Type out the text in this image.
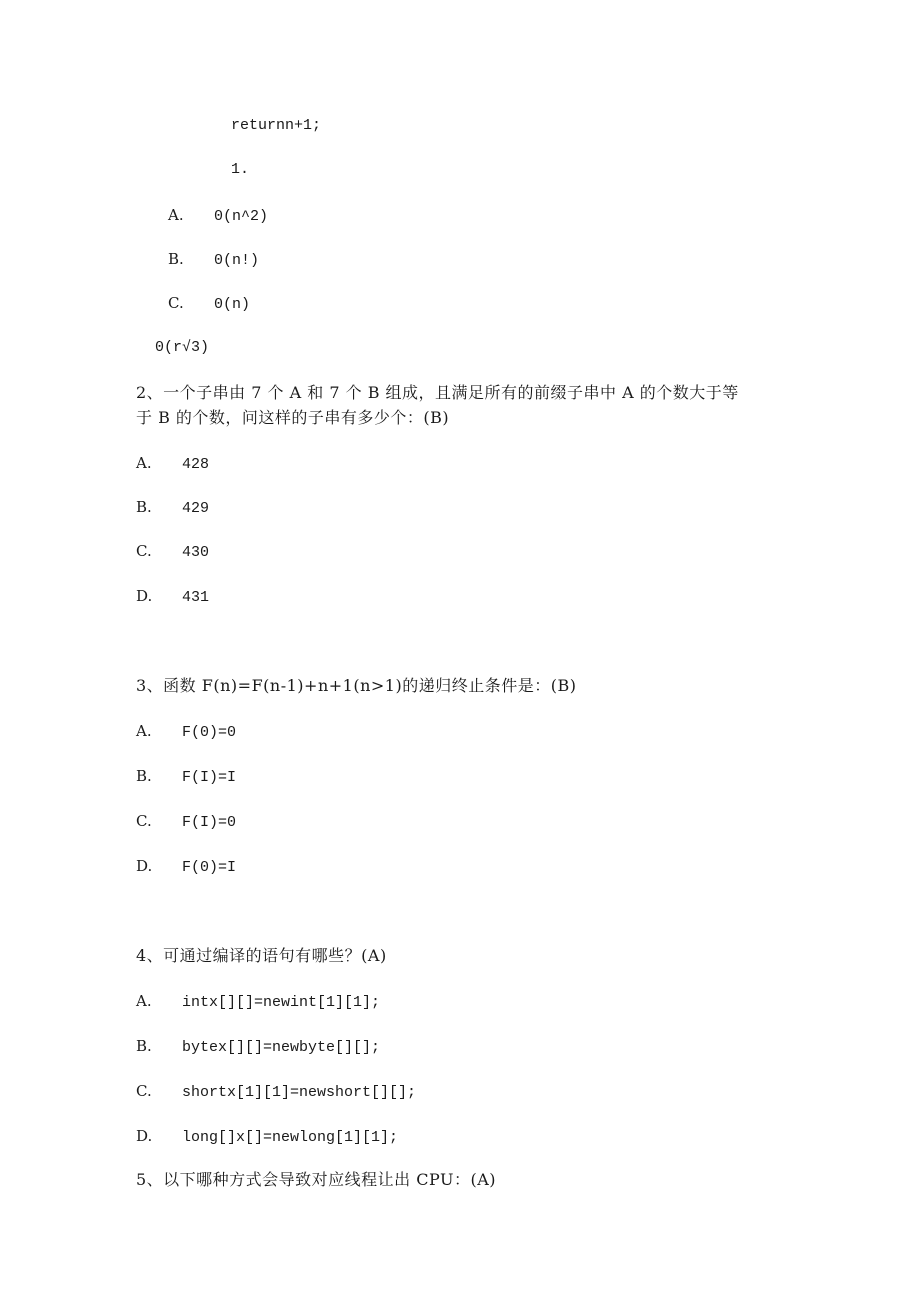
returnn+1;
1.
A. 0(n^2)
B. 0(n!)
C. 0(n)
0(r√3)
2、一个子串由 7 个 A 和 7 个 B 组成，且满足所有的前缀子串中 A 的个数大于等
于 B 的个数，问这样的子串有多少个：(B)
A. 428
B. 429
C. 430
D. 431
3、函数 F(n)=F(n-1)+n+1(n>1)的递归终止条件是：(B)
A. F(0)=0
B. F(I)=I
C. F(I)=0
D. F(0)=I
4、可通过编译的语句有哪些？(A)
A. intx[][]=newint[1][1];
B. bytex[][]=newbyte[][];
C. shortx[1][1]=newshort[][];
D. long[]x[]=newlong[1][1];
5、以下哪种方式会导致对应线程让出 CPU：(A)
